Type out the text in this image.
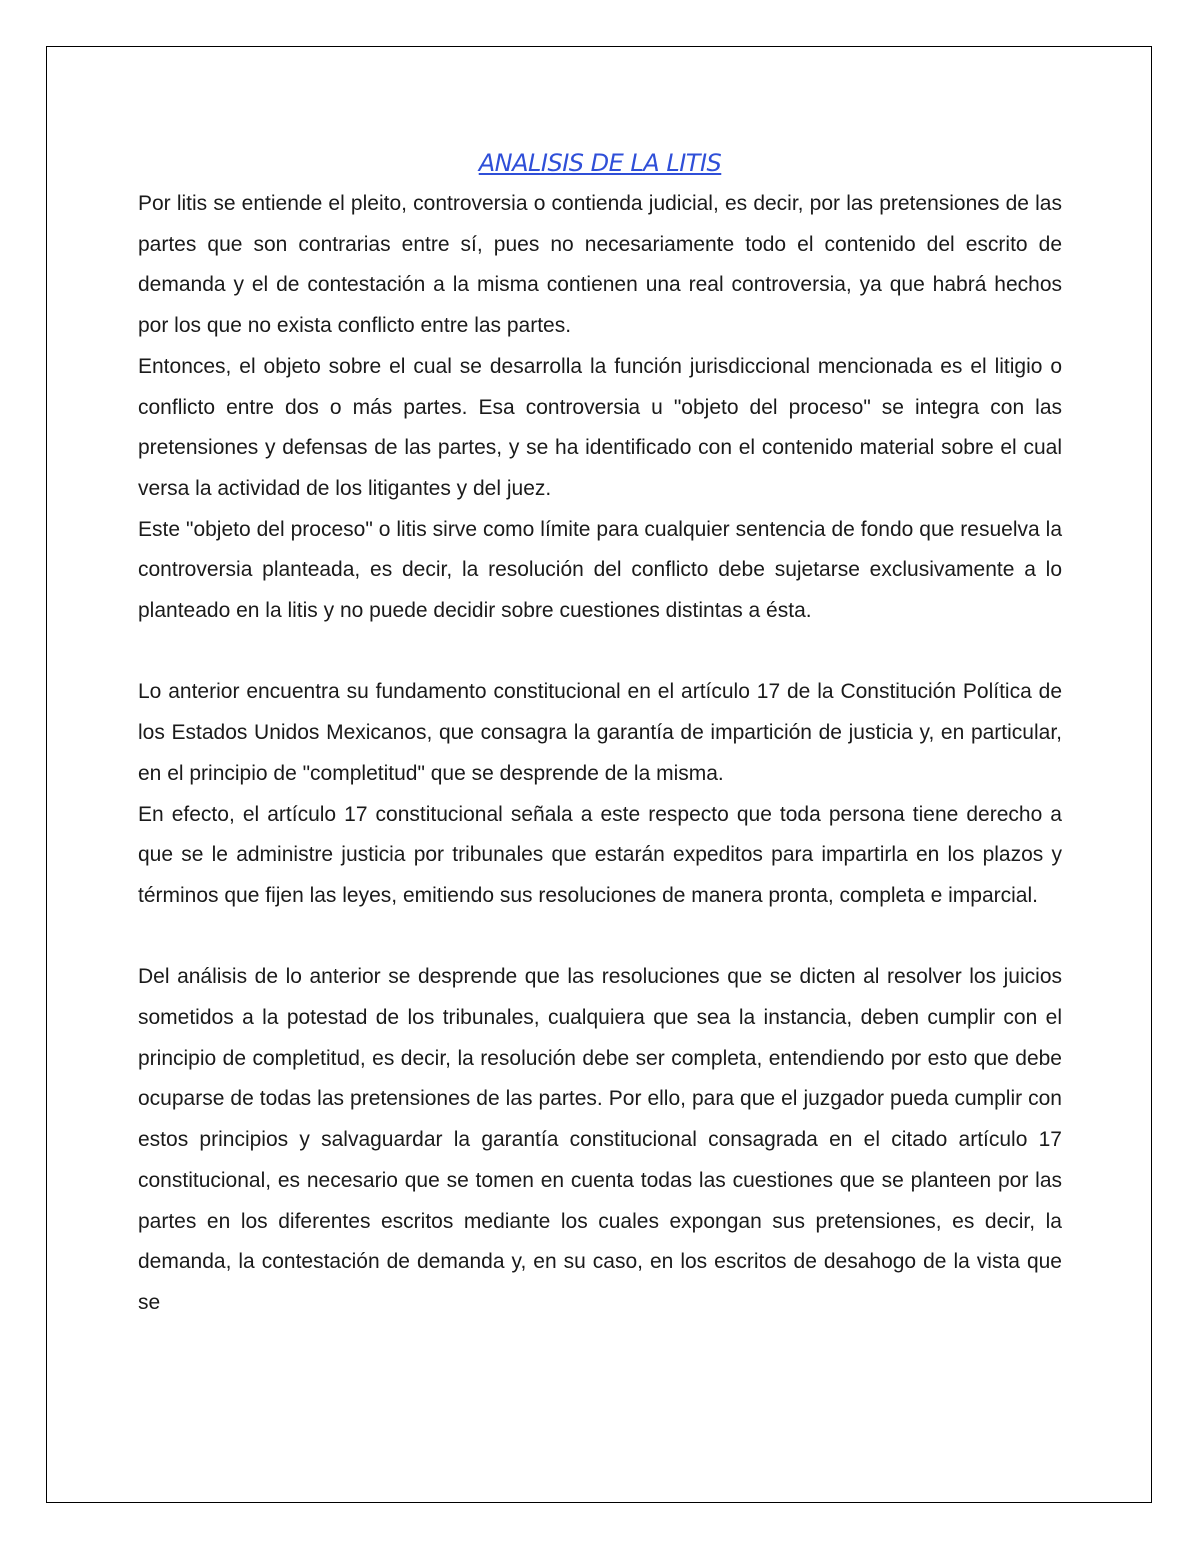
ANALISIS DE LA LITIS

Por litis se entiende el pleito, controversia o contienda judicial, es decir, por las pretensiones de las partes que son contrarias entre sí, pues no necesariamente todo el contenido del escrito de demanda y el de contestación a la misma contienen una real controversia, ya que habrá hechos por los que no exista conflicto entre las partes.

Entonces, el objeto sobre el cual se desarrolla la función jurisdiccional mencionada es el litigio o conflicto entre dos o más partes. Esa controversia u "objeto del proceso" se integra con las pretensiones y defensas de las partes, y se ha identificado con el contenido material sobre el cual versa la actividad de los litigantes y del juez.

Este "objeto del proceso" o litis sirve como límite para cualquier sentencia de fondo que resuelva la controversia planteada, es decir, la resolución del conflicto debe sujetarse exclusivamente a lo planteado en la litis y no puede decidir sobre cuestiones distintas a ésta.

Lo anterior encuentra su fundamento constitucional en el artículo 17 de la Constitución Política de los Estados Unidos Mexicanos, que consagra la garantía de impartición de justicia y, en particular, en el principio de "completitud" que se desprende de la misma.

En efecto, el artículo 17 constitucional señala a este respecto que toda persona tiene derecho a que se le administre justicia por tribunales que estarán expeditos para impartirla en los plazos y términos que fijen las leyes, emitiendo sus resoluciones de manera pronta, completa e imparcial.

Del análisis de lo anterior se desprende que las resoluciones que se dicten al resolver los juicios sometidos a la potestad de los tribunales, cualquiera que sea la instancia, deben cumplir con el principio de completitud, es decir, la resolución debe ser completa, entendiendo por esto que debe ocuparse de todas las pretensiones de las partes. Por ello, para que el juzgador pueda cumplir con estos principios y salvaguardar la garantía constitucional consagrada en el citado artículo 17 constitucional, es necesario que se tomen en cuenta todas las cuestiones que se planteen por las partes en los diferentes escritos mediante los cuales expongan sus pretensiones, es decir, la demanda, la contestación de demanda y, en su caso, en los escritos de desahogo de la vista que se
